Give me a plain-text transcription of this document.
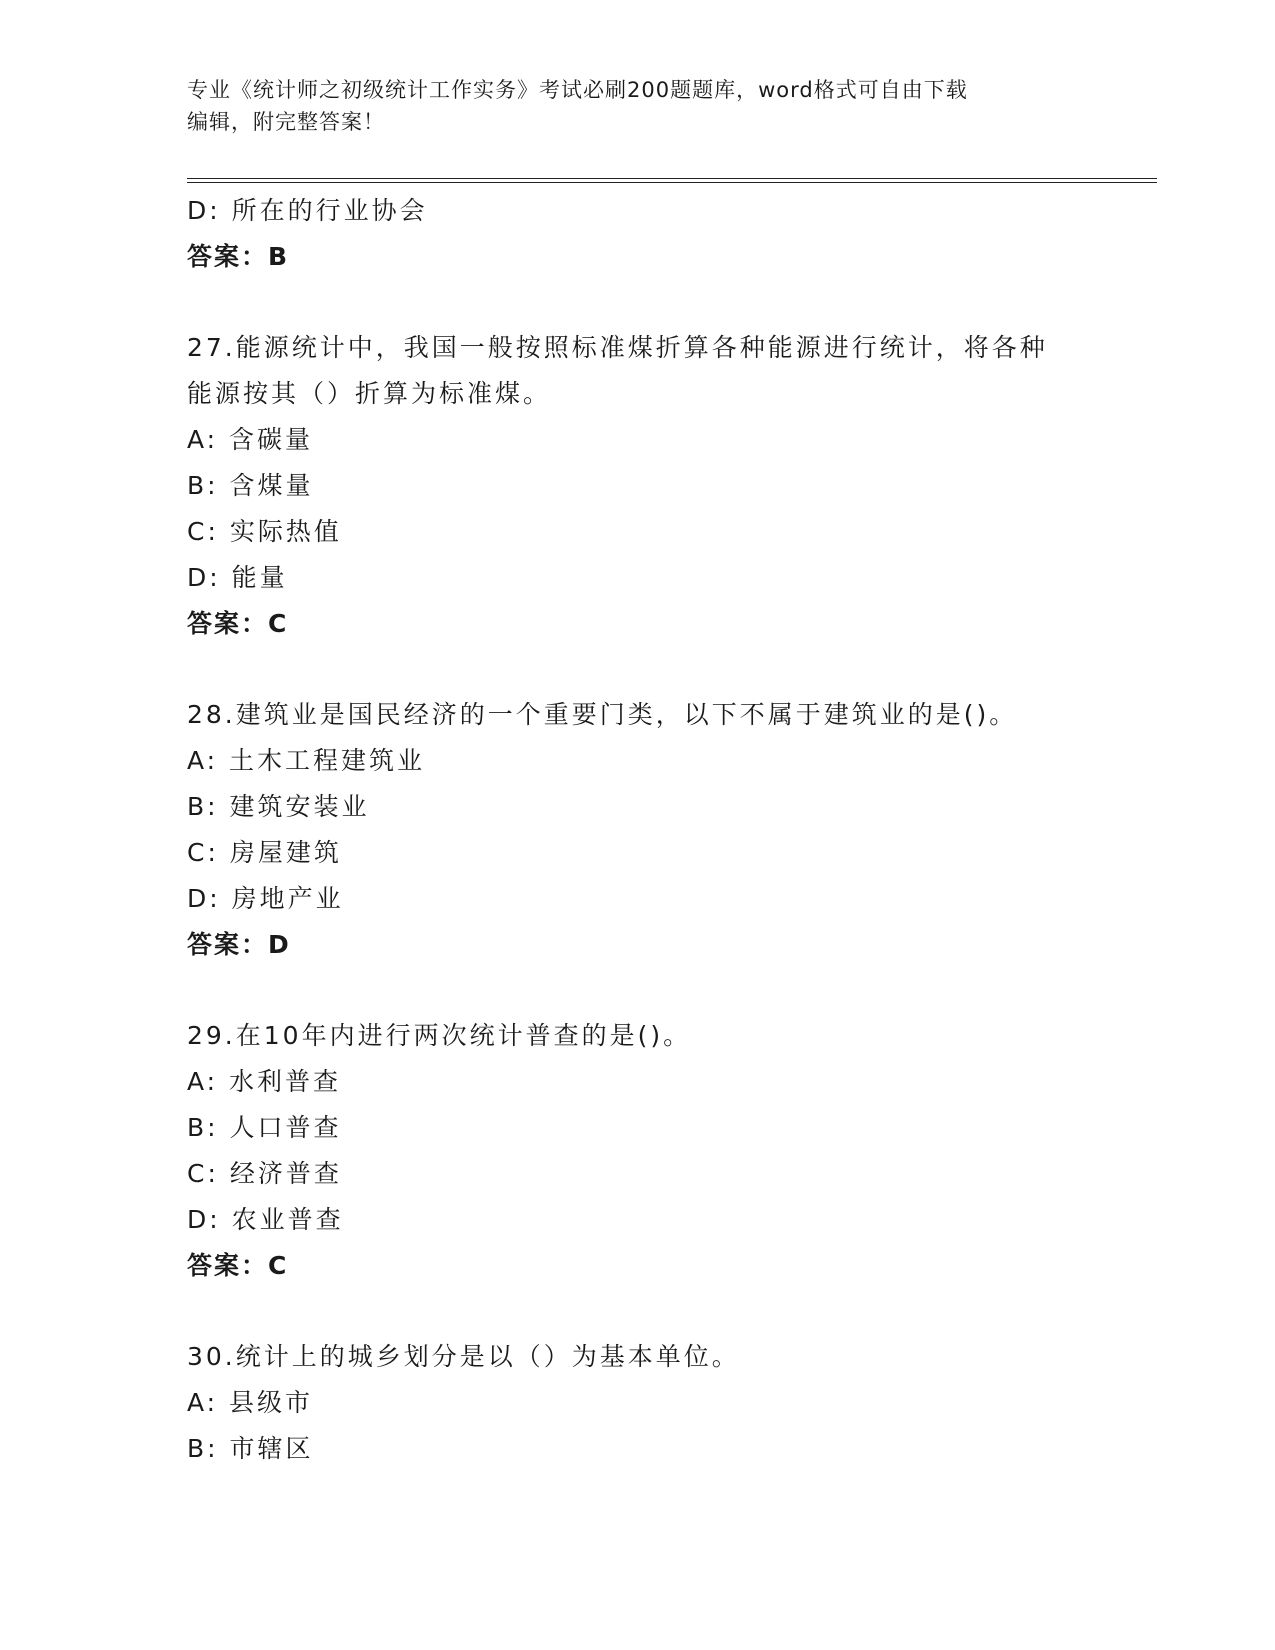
专业《统计师之初级统计工作实务》考试必刷200题题库，word格式可自由下载
编辑，附完整答案！
D: 所在的行业协会
答案：B
27.能源统计中，我国一般按照标准煤折算各种能源进行统计，将各种
能源按其（）折算为标准煤。
A: 含碳量
B: 含煤量
C: 实际热值
D: 能量
答案：C
28.建筑业是国民经济的一个重要门类，以下不属于建筑业的是()。
A: 土木工程建筑业
B: 建筑安装业
C: 房屋建筑
D: 房地产业
答案：D
29.在10年内进行两次统计普查的是()。
A: 水利普查
B: 人口普查
C: 经济普查
D: 农业普查
答案：C
30.统计上的城乡划分是以（）为基本单位。
A: 县级市
B: 市辖区
